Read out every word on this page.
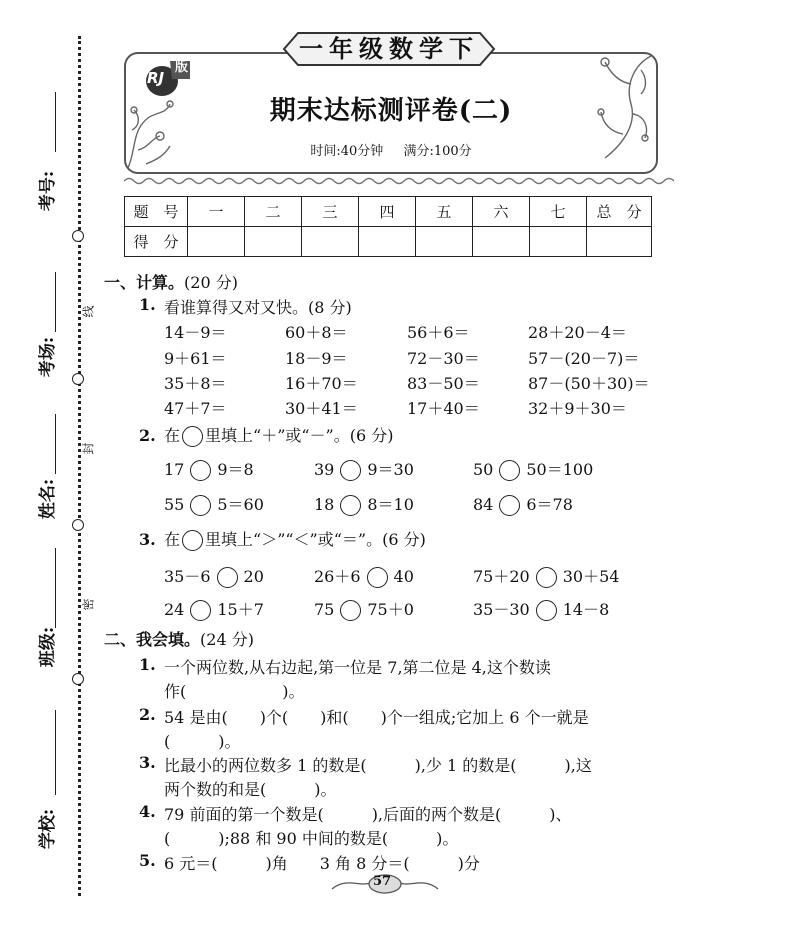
考号:
考场:
姓名:
班级:
学校:
线
封
密
一年级数学下
RJ
版
期末达标测评卷(二)
时间:40分钟 满分:100分
题　号	一	二	三	四	五	六	七	总　分
得　分								
一、计算。(20 分)
1. 看谁算得又对又快。(8 分)
14－9＝	60＋8＝	56＋6＝	28＋20－4＝
9＋61＝	18－9＝	72－30＝	57－(20－7)＝
35＋8＝	16＋70＝	83－50＝	87－(50＋30)＝
47＋7＝	30＋41＝	17＋40＝	32＋9＋30＝
2. 在 里填上“＋”或“－”。(6 分)
17 9＝8	39 9＝30	50 50＝100
55 5＝60	18 8＝10	84 6＝78
3. 在 里填上“＞”“＜”或“＝”。(6 分)
35－6 20	26＋6 40	75＋20 30＋54
24 15＋7	75 75＋0	35－30 14－8
二、我会填。(24 分)
1. 一个两位数,从右边起,第一位是 7,第二位是 4,这个数读
作(　　　　　　)。
2. 54 是由(　　)个(　　)和(　　)个一组成;它加上 6 个一就是
(　　　)。
3. 比最小的两位数多 1 的数是(　　　),少 1 的数是(　　　),这
两个数的和是(　　　)。
4. 79 前面的第一个数是(　　　),后面的两个数是(　　　)、
(　　　);88 和 90 中间的数是(　　　)。
5. 6 元＝(　　　)角　　3 角 8 分＝(　　　)分
57
